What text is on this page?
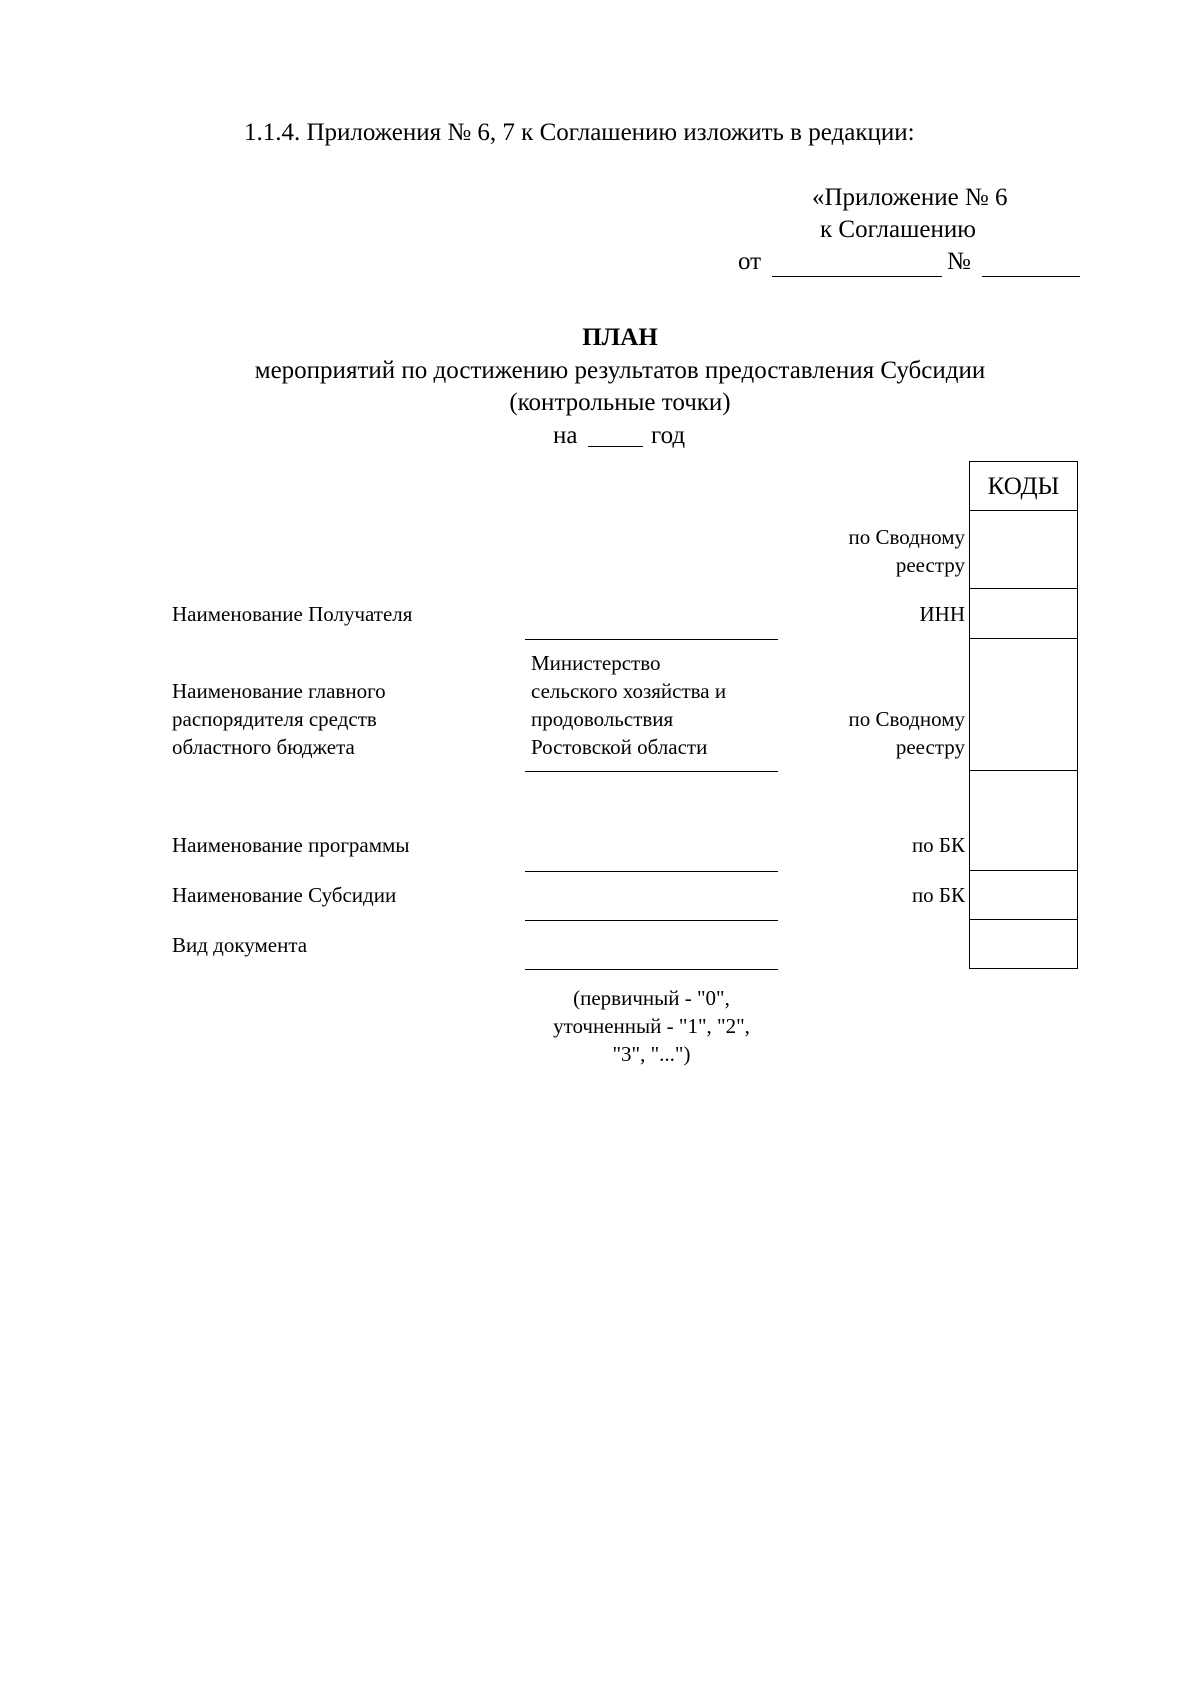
1.1.4. Приложения № 6, 7 к Соглашению изложить в редакции:
«Приложение № 6
к Соглашению
от	№
ПЛАН
мероприятий по достижению результатов предоставления Субсидии
(контрольные точки)
на	год
КОДЫ
по Сводному
реестру
ИНН
по Сводному
реестру
по БК
по БК
Наименование Получателя
Наименование главного
распорядителя средств
областного бюджета
Наименование программы
Наименование Субсидии
Вид документа
Министерство
сельского хозяйства и
продовольствия
Ростовской области
(первичный - "0",
уточненный - "1", "2",
"3", "...")
